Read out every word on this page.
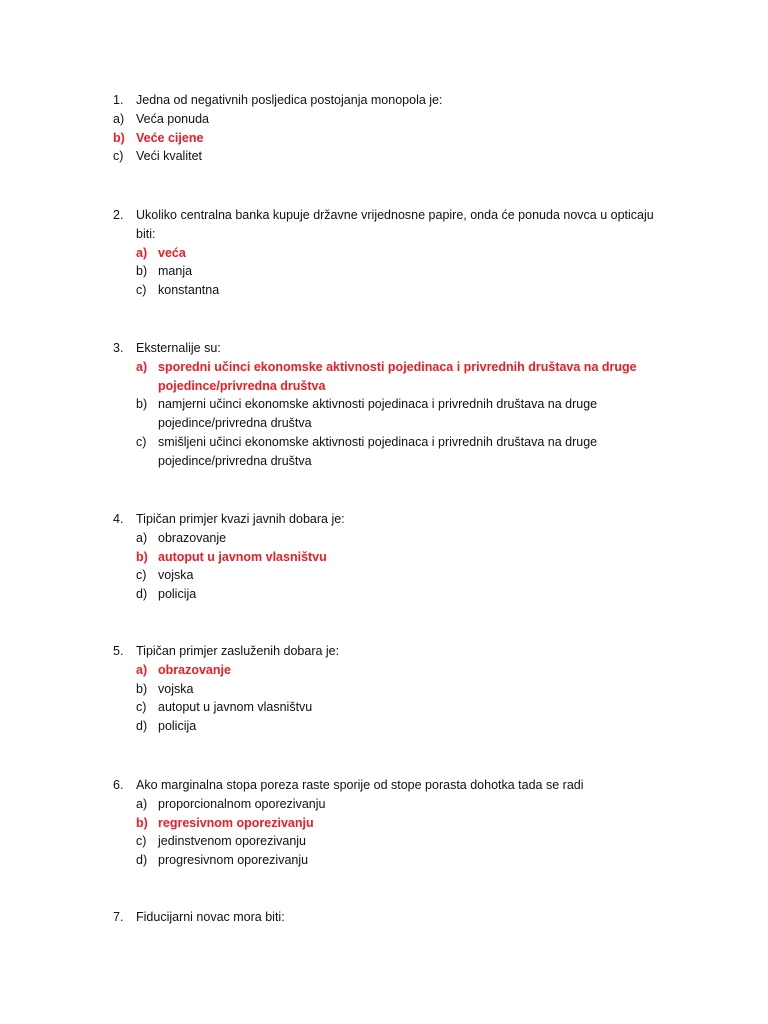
1. Jedna od negativnih posljedica postojanja monopola je:
a) Veća ponuda
b) Veće cijene
c) Veći kvalitet
2. Ukoliko centralna banka kupuje državne vrijednosne papire, onda će ponuda novca u opticaju
biti:
a) veća
b) manja
c) konstantna
3. Eksternalije su:
a) sporedni učinci ekonomske aktivnosti pojedinaca i privrednih društava na druge
pojedince/privredna društva
b) namjerni učinci ekonomske aktivnosti pojedinaca i privrednih društava na druge
pojedince/privredna društva
c) smišljeni učinci ekonomske aktivnosti pojedinaca i privrednih društava na druge
pojedince/privredna društva
4. Tipičan primjer kvazi javnih dobara je:
a) obrazovanje
b) autoput u javnom vlasništvu
c) vojska
d) policija
5. Tipičan primjer zasluženih dobara je:
a) obrazovanje
b) vojska
c) autoput u javnom vlasništvu
d) policija
6. Ako marginalna stopa poreza raste sporije od stope porasta dohotka tada se radi
a) proporcionalnom oporezivanju
b) regresivnom oporezivanju
c) jedinstvenom oporezivanju
d) progresivnom oporezivanju
7. Fiducijarni novac mora biti:
